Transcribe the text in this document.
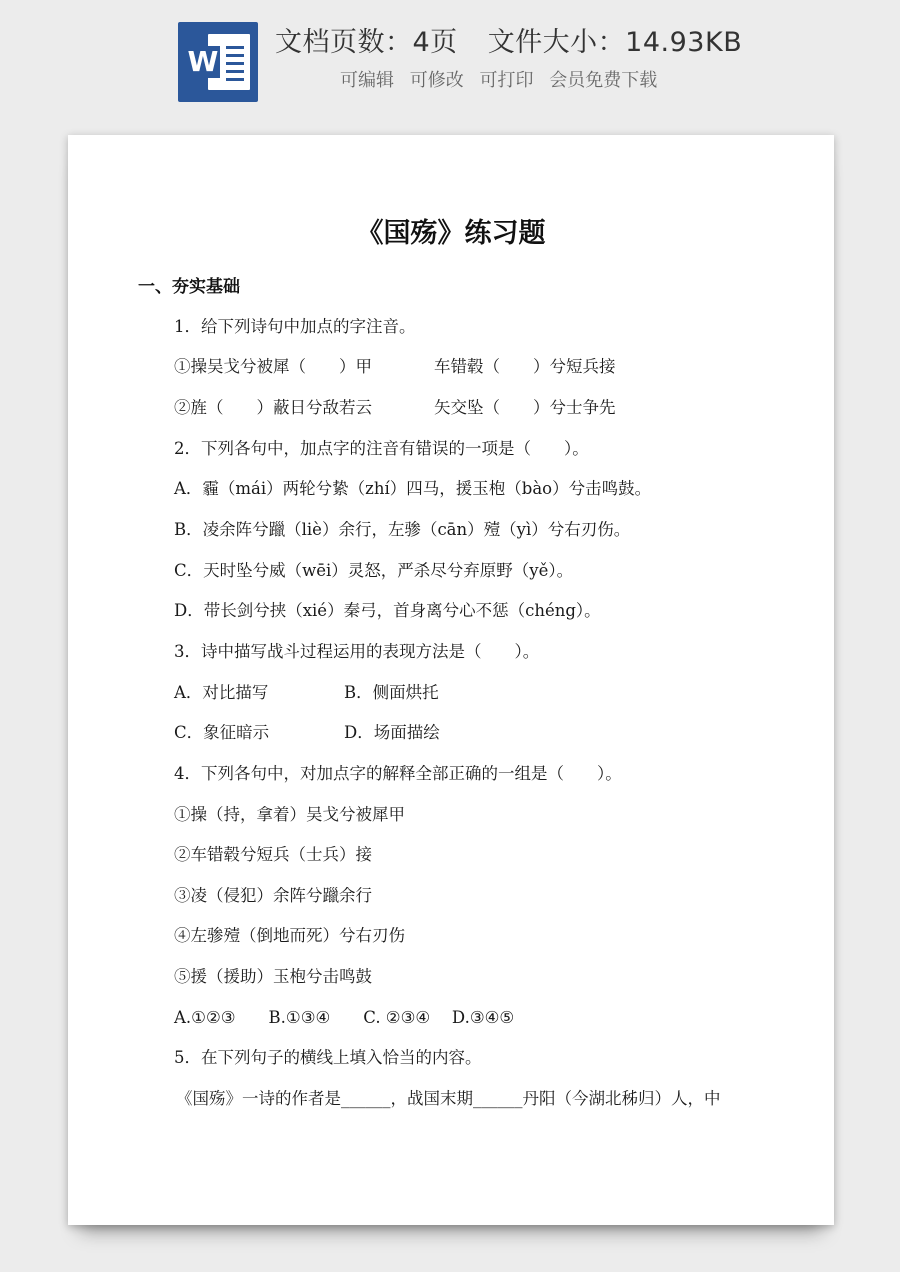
W
文档页数：4页 文件大小：14.93KB
可编辑 可修改 可打印 会员免费下载
《国殇》练习题
一、夯实基础
1．给下列诗句中加点的字注音。
①操吴戈兮被犀（　　）甲	车错毂（　　）兮短兵接
②旌（　　）蔽日兮敌若云	矢交坠（　　）兮士争先
2．下列各句中，加点字的注音有错误的一项是（　　）。
A．霾（mái）两轮兮絷（zhí）四马，援玉枹（bào）兮击鸣鼓。
B．凌余阵兮躐（liè）余行，左骖（cān）殪（yì）兮右刃伤。
C．天时坠兮威（wēi）灵怒，严杀尽兮弃原野（yě）。
D．带长剑兮挟（xié）秦弓，首身离兮心不惩（chéng）。
3．诗中描写战斗过程运用的表现方法是（　　）。
A．对比描写	B．侧面烘托
C．象征暗示	D．场面描绘
4．下列各句中，对加点字的解释全部正确的一组是（　　）。
①操（持，拿着）吴戈兮被犀甲
②车错毂兮短兵（士兵）接
③凌（侵犯）余阵兮躐余行
④左骖殪（倒地而死）兮右刃伤
⑤援（援助）玉枹兮击鸣鼓
A.①②③　　B.①③④　　C. ②③④　 D.③④⑤
5．在下列句子的横线上填入恰当的内容。
《国殇》一诗的作者是______，战国末期______丹阳（今湖北秭归）人，中
